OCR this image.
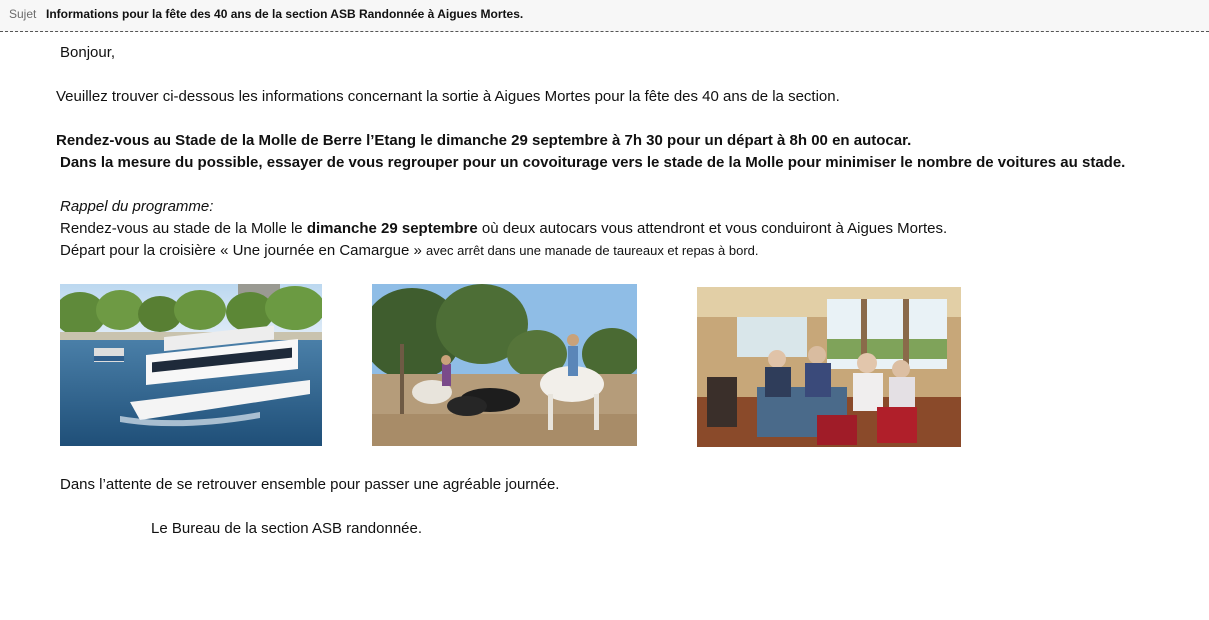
Sujet Informations pour la fête des 40 ans de la section ASB Randonnée à Aigues Mortes.
Bonjour,
Veuillez trouver ci-dessous les informations concernant la sortie à Aigues Mortes pour la fête des 40 ans de la section.
Rendez-vous au Stade de la Molle de Berre l’Etang le dimanche 29 septembre à 7h 30 pour un départ à 8h 00 en autocar.
Dans la mesure du possible, essayer de vous regrouper pour un covoiturage vers le stade de la Molle pour minimiser le nombre de voitures au stade.
Rappel du programme:
Rendez-vous au stade de la Molle le dimanche 29 septembre où deux autocars vous attendront et vous conduiront à Aigues Mortes.
Départ pour la croisière « Une journée en Camargue » avec arrêt dans une manade de taureaux et repas à bord.
Dans l’attente de se retrouver ensemble pour passer une agréable journée.
Le Bureau de la section ASB randonnée.
